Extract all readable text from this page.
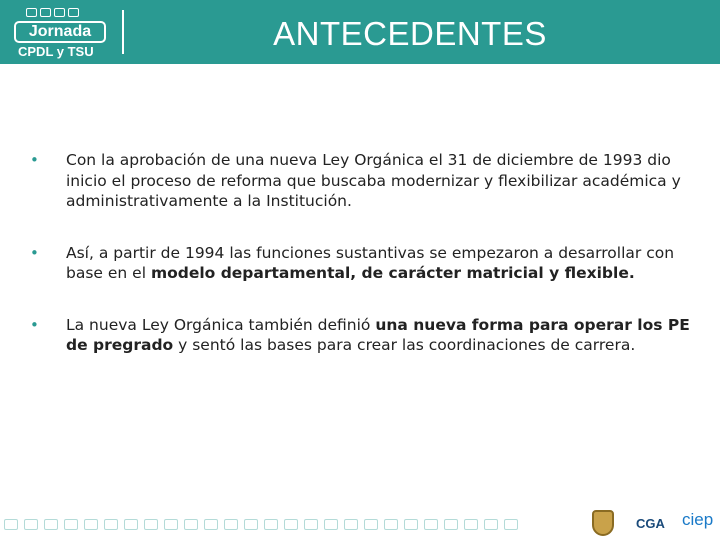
Jornada
CPDL y TSU	ANTECEDENTES
•	Con la aprobación de una nueva Ley Orgánica el 31 de diciembre de 1993 dio inicio el proceso de reforma que buscaba modernizar y flexibilizar académica y administrativamente a la Institución.
•	Así, a partir de 1994 las funciones sustantivas se empezaron a desarrollar con base en el modelo departamental, de carácter matricial y flexible.
•	La nueva Ley Orgánica también definió una nueva forma para operar los PE de pregrado y sentó las bases para crear las coordinaciones de carrera.
CGA ciep
